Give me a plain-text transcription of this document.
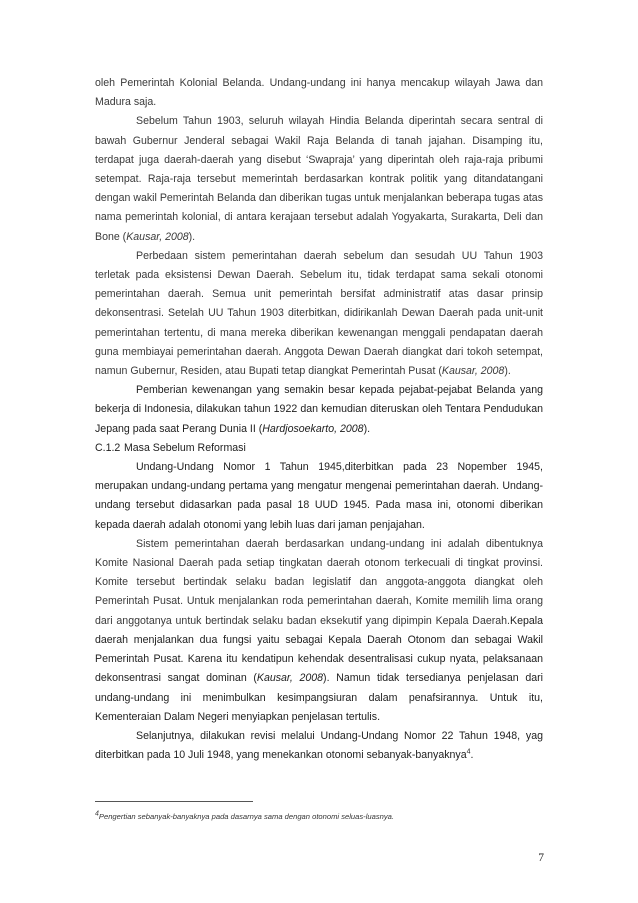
oleh Pemerintah Kolonial Belanda. Undang-undang ini hanya mencakup wilayah Jawa dan Madura saja.

Sebelum Tahun 1903, seluruh wilayah Hindia Belanda diperintah secara sentral di bawah Gubernur Jenderal sebagai Wakil Raja Belanda di tanah jajahan. Disamping itu, terdapat juga daerah-daerah yang disebut ‘Swapraja’ yang diperintah oleh raja-raja pribumi setempat. Raja-raja tersebut memerintah berdasarkan kontrak politik yang ditandatangani dengan wakil Pemerintah Belanda dan diberikan tugas untuk menjalankan beberapa tugas atas nama pemerintah kolonial, di antara kerajaan tersebut adalah Yogyakarta, Surakarta, Deli dan Bone (Kausar, 2008).

Perbedaan sistem pemerintahan daerah sebelum dan sesudah UU Tahun 1903 terletak pada eksistensi Dewan Daerah. Sebelum itu, tidak terdapat sama sekali otonomi pemerintahan daerah. Semua unit pemerintah bersifat administratif atas dasar prinsip dekonsentrasi. Setelah UU Tahun 1903 diterbitkan, didirikanlah Dewan Daerah pada unit-unit pemerintahan tertentu, di mana mereka diberikan kewenangan menggali pendapatan daerah guna membiayai pemerintahan daerah. Anggota Dewan Daerah diangkat dari tokoh setempat, namun Gubernur, Residen, atau Bupati tetap diangkat Pemerintah Pusat (Kausar, 2008).

Pemberian kewenangan yang semakin besar kepada pejabat-pejabat Belanda yang bekerja di Indonesia, dilakukan tahun 1922 dan kemudian diteruskan oleh Tentara Pendudukan Jepang pada saat Perang Dunia II (Hardjosoekarto, 2008).

C.1.2 Masa Sebelum Reformasi

Undang-Undang Nomor 1 Tahun 1945,diterbitkan pada 23 Nopember 1945, merupakan undang-undang pertama yang mengatur mengenai pemerintahan daerah. Undang-undang tersebut didasarkan pada pasal 18 UUD 1945. Pada masa ini, otonomi diberikan kepada daerah adalah otonomi yang lebih luas dari jaman penjajahan.

Sistem pemerintahan daerah berdasarkan undang-undang ini adalah dibentuknya Komite Nasional Daerah pada setiap tingkatan daerah otonom terkecuali di tingkat provinsi. Komite tersebut bertindak selaku badan legislatif dan anggota-anggota diangkat oleh Pemerintah Pusat. Untuk menjalankan roda pemerintahan daerah, Komite memilih lima orang dari anggotanya untuk bertindak selaku badan eksekutif yang dipimpin Kepala Daerah.Kepala daerah menjalankan dua fungsi yaitu sebagai Kepala Daerah Otonom dan sebagai Wakil Pemerintah Pusat. Karena itu kendatipun kehendak desentralisasi cukup nyata, pelaksanaan dekonsentrasi sangat dominan (Kausar, 2008). Namun tidak tersedianya penjelasan dari undang-undang ini menimbulkan kesimpangsiuran dalam penafsirannya. Untuk itu, Kementeraian Dalam Negeri menyiapkan penjelasan tertulis.

Selanjutnya, dilakukan revisi melalui Undang-Undang Nomor 22 Tahun 1948, yag diterbitkan pada 10 Juli 1948, yang menekankan otonomi sebanyak-banyaknya$^4$.

$^4$Pengertian sebanyak-banyaknya pada dasarnya sama dengan otonomi seluas-luasnya.
7
